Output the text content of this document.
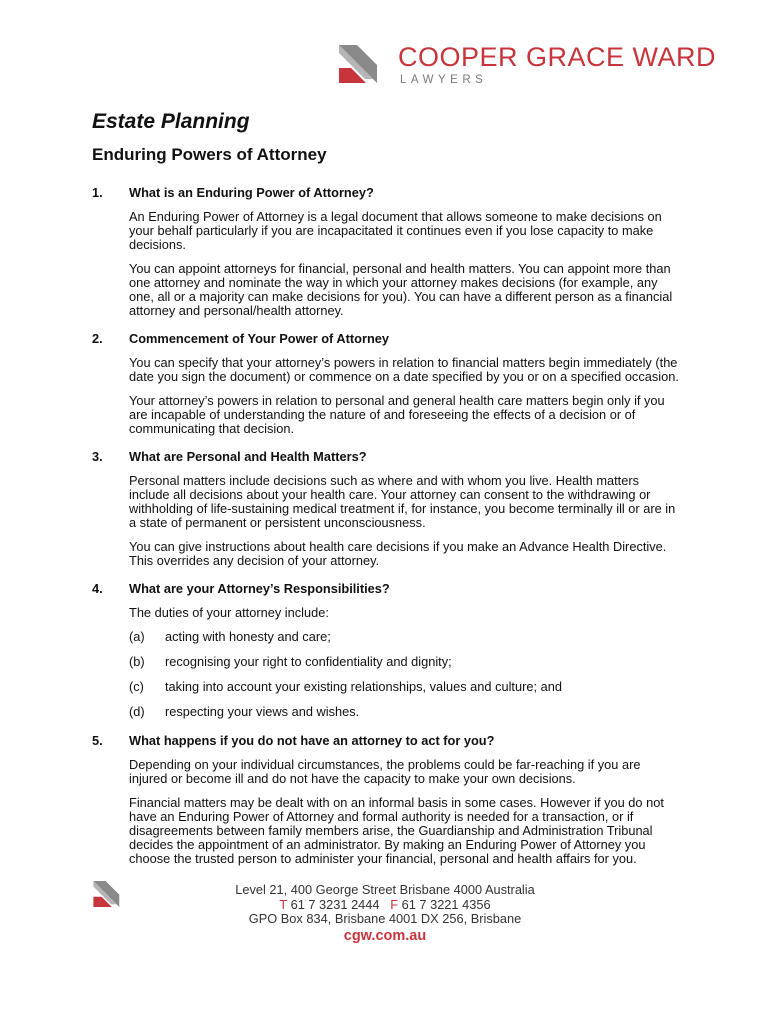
COOPER GRACE WARD
LAWYERS
Estate Planning
Enduring Powers of Attorney
1.	What is an Enduring Power of Attorney?

An Enduring Power of Attorney is a legal document that allows someone to make decisions on your behalf particularly if you are incapacitated it continues even if you lose capacity to make decisions.

You can appoint attorneys for financial, personal and health matters. You can appoint more than one attorney and nominate the way in which your attorney makes decisions (for example, any one, all or a majority can make decisions for you). You can have a different person as a financial attorney and personal/health attorney.

2.	Commencement of Your Power of Attorney

You can specify that your attorney’s powers in relation to financial matters begin immediately (the date you sign the document) or commence on a date specified by you or on a specified occasion.

Your attorney’s powers in relation to personal and general health care matters begin only if you are incapable of understanding the nature of and foreseeing the effects of a decision or of communicating that decision.

3.	What are Personal and Health Matters?

Personal matters include decisions such as where and with whom you live. Health matters include all decisions about your health care. Your attorney can consent to the withdrawing or withholding of life-sustaining medical treatment if, for instance, you become terminally ill or are in a state of permanent or persistent unconsciousness.

You can give instructions about health care decisions if you make an Advance Health Directive. This overrides any decision of your attorney.

4.	What are your Attorney’s Responsibilities?

The duties of your attorney include:

(a)	acting with honesty and care;
(b)	recognising your right to confidentiality and dignity;
(c)	taking into account your existing relationships, values and culture; and
(d)	respecting your views and wishes.
5.	What happens if you do not have an attorney to act for you?

Depending on your individual circumstances, the problems could be far-reaching if you are injured or become ill and do not have the capacity to make your own decisions.

Financial matters may be dealt with on an informal basis in some cases. However if you do not have an Enduring Power of Attorney and formal authority is needed for a transaction, or if disagreements between family members arise, the Guardianship and Administration Tribunal decides the appointment of an administrator. By making an Enduring Power of Attorney you choose the trusted person to administer your financial, personal and health affairs for you.

Level 21, 400 George Street Brisbane 4000 Australia
T 61 7 3231 2444 F 61 7 3221 4356
GPO Box 834, Brisbane 4001 DX 256, Brisbane
cgw.com.au
